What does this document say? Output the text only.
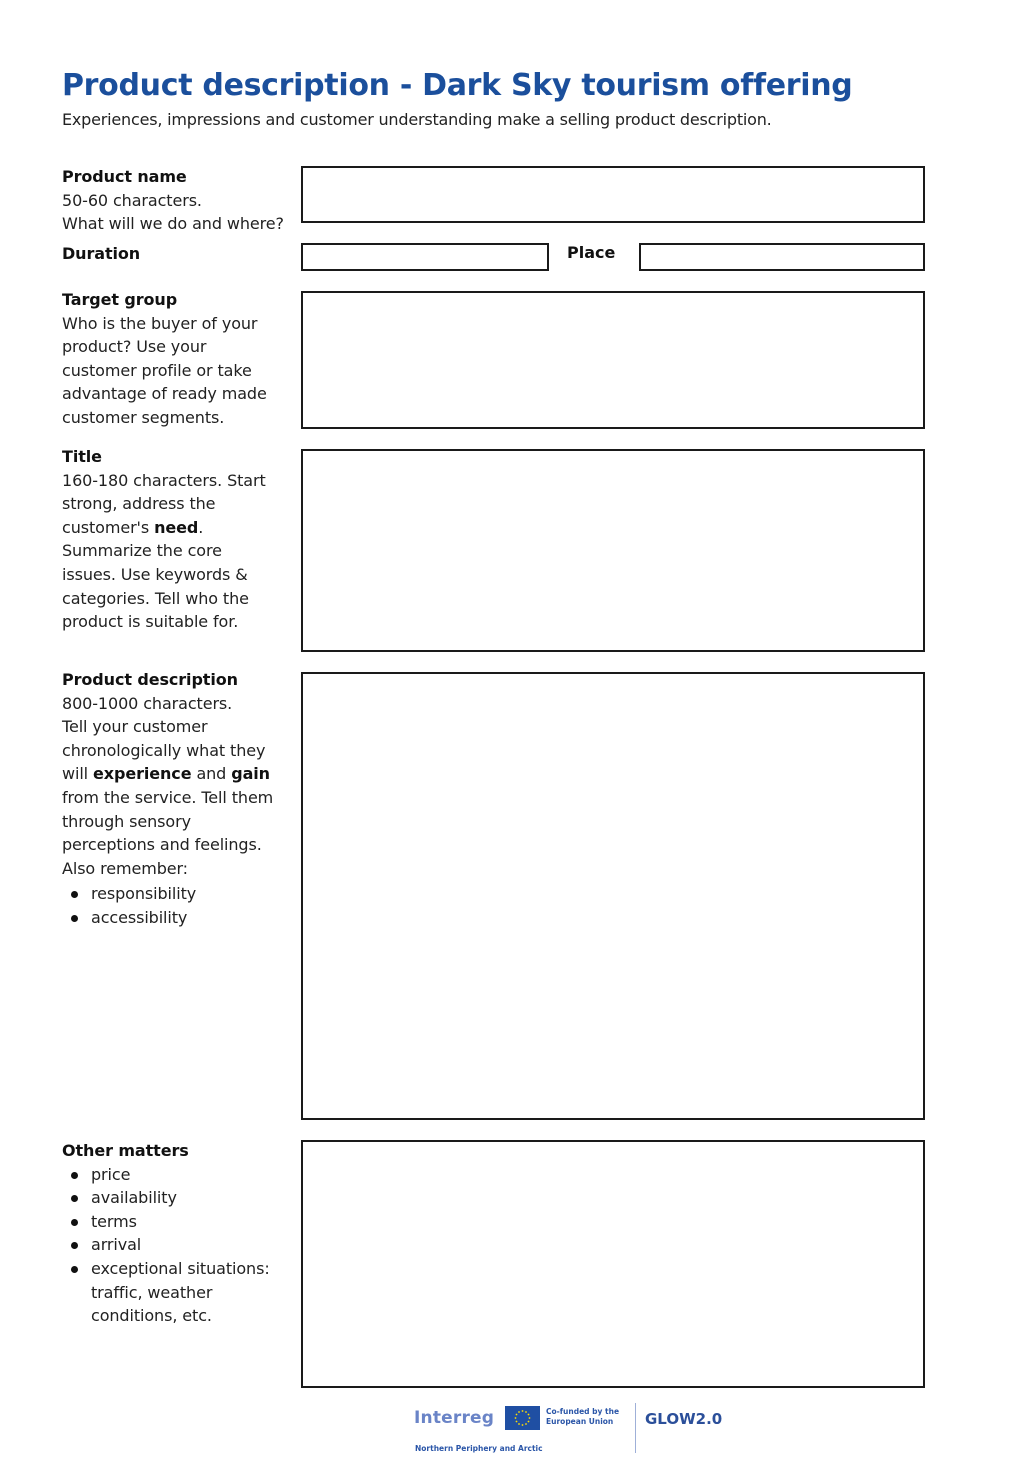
Product description - Dark Sky tourism offering
Experiences, impressions and customer understanding make a selling product description.
Product name
50-60 characters.
What will we do and where?
Duration	Place
Target group
Who is the buyer of your product? Use your customer profile or take advantage of ready made customer segments.
Title
160-180 characters. Start strong, address the customer's need. Summarize the core issues. Use keywords & categories. Tell who the product is suitable for.
Product description
800-1000 characters.
Tell your customer chronologically what they will experience and gain from the service. Tell them through sensory perceptions and feelings. Also remember:
responsibility
accessibility
Other matters
price
availability
terms
arrival
exceptional situations: traffic, weather conditions, etc.
Interreg	Co-funded by the European Union	GLOW2.0
Northern Periphery and Arctic
